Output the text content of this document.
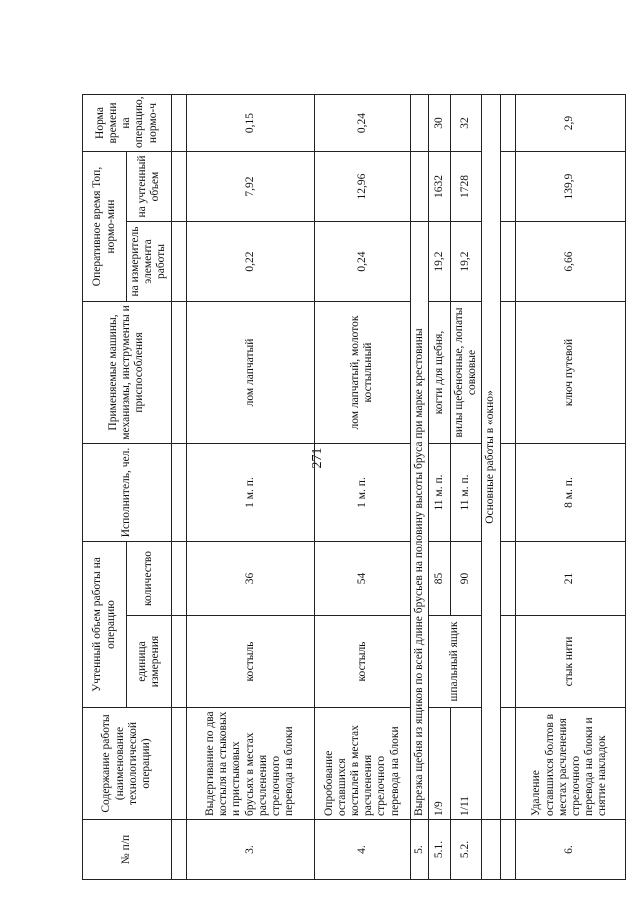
271
№ п/п	Содержание работы (наименование технологической операции)	Учтенный объем работы на операцию		Исполнитель, чел.	Применяемые машины, механизмы, инструменты и приспособления	Оперативное время Топ, нормо-мин		Норма времени на операцию, нормо-ч
		единица измерения	количество			на измеритель элемента работы	на учтенный объем	

3.	Выдергивание по два костыля на стыковых и пристыковых брусьях в местах расчленения стрелочного перевода на блоки	костыль	36	1 м. п.	лом лапчатый	0,22	7,92	0,15
4.	Опробование оставшихся костылей в местах расчленения стрелочного перевода на блоки	костыль	54	1 м. п.	лом лапчатый, молоток костыльный	0,24	12,96	0,24
5.	Вырезка щебня из ящиков по всей длине брусьев на половину высоты бруса при марке крестовины							
5.1.	1/9	шпальный ящик	85	11 м. п.	когти для щебня,	19,2	1632	30
5.2.	1/11		90	11 м. п.	вилы щебеночные, лопаты совковые	19,2	1728	32
	Основные работы в «окно»							

6.	Удаление оставшихся болтов в местах расчленения стрелочного перевода на блоки и снятие накладок	стык нити	21	8 м. п.	ключ путевой	6,66	139,9	2,9
